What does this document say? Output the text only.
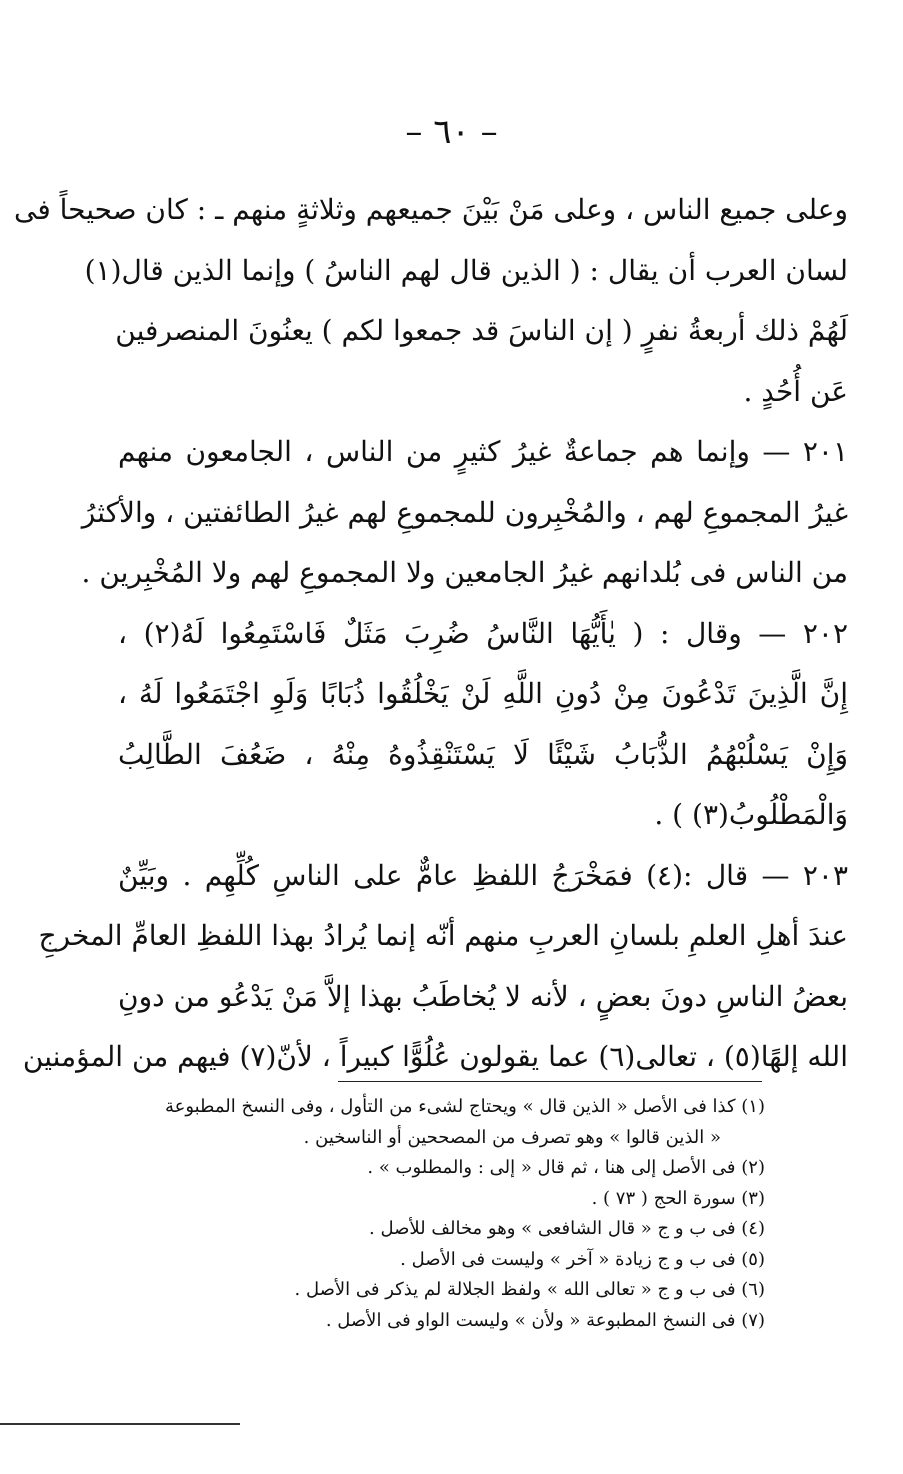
– ٦٠ –
وعلى جميع الناس ، وعلى مَنْ بَيْنَ جميعهم وثلاثةٍ منهم ـ : كان صحيحاً فى
لسان العرب أن يقال : ( الذين قال لهم الناسُ ) وإنما الذين قال(١)
لَهُمْ ذلك أربعةُ نفرٍ ( إن الناسَ قد جمعوا لكم ) يعنُونَ المنصرفين
عَن أُحُدٍ .
٢٠١ — وإنما هم جماعةٌ غيرُ كثيرٍ من الناس ، الجامعون منهم
غيرُ المجموعِ لهم ، والمُخْبِرون للمجموعِ لهم غيرُ الطائفتين ، والأكثرُ
من الناس فى بُلدانهم غيرُ الجامعين ولا المجموعِ لهم ولا المُخْبِرين .
٢٠٢ — وقال : ( يٰأَيُّهَا النَّاسُ ضُرِبَ مَثَلٌ فَاسْتَمِعُوا لَهُ(٢) ،
إِنَّ الَّذِينَ تَدْعُونَ مِنْ دُونِ اللَّهِ لَنْ يَخْلُقُوا ذُبَابًا وَلَوِ اجْتَمَعُوا لَهُ ،
وَإِنْ يَسْلُبْهُمُ الذُّبَابُ شَيْئًا لَا يَسْتَنْقِذُوهُ مِنْهُ ، ضَعُفَ الطَّالِبُ
وَالْمَطْلُوبُ(٣) ) .
٢٠٣ — قال :(٤) فمَخْرَجُ اللفظِ عامٌّ على الناسِ كُلِّهِم . وبَيِّنٌ
عندَ أهلِ العلمِ بلسانِ العربِ منهم أنّه إنما يُرادُ بهذا اللفظِ العامِّ المخرجِ
بعضُ الناسِ دونَ بعضٍ ، لأنه لا يُخاطَبُ بهذا إلاَّ مَنْ يَدْعُو من دونِ
الله إلهًا(٥) ، تعالى(٦) عما يقولون عُلُوًّا كبيراً ، لأنّ(٧) فيهم من المؤمنين
(١) كذا فى الأصل « الذين قال » ويحتاج لشىء من التأول ، وفى النسخ المطبوعة
« الذين قالوا » وهو تصرف من المصححين أو الناسخين .
(٢) فى الأصل إلى هنا ، ثم قال « إلى : والمطلوب » .
(٣) سورة الحج ( ٧٣ ) .
(٤) فى ب و ج « قال الشافعى » وهو مخالف للأصل .
(٥) فى ب و ج زيادة « آخر » وليست فى الأصل .
(٦) فى ب و ج « تعالى الله » ولفظ الجلالة لم يذكر فى الأصل .
(٧) فى النسخ المطبوعة « ولأن » وليست الواو فى الأصل .
